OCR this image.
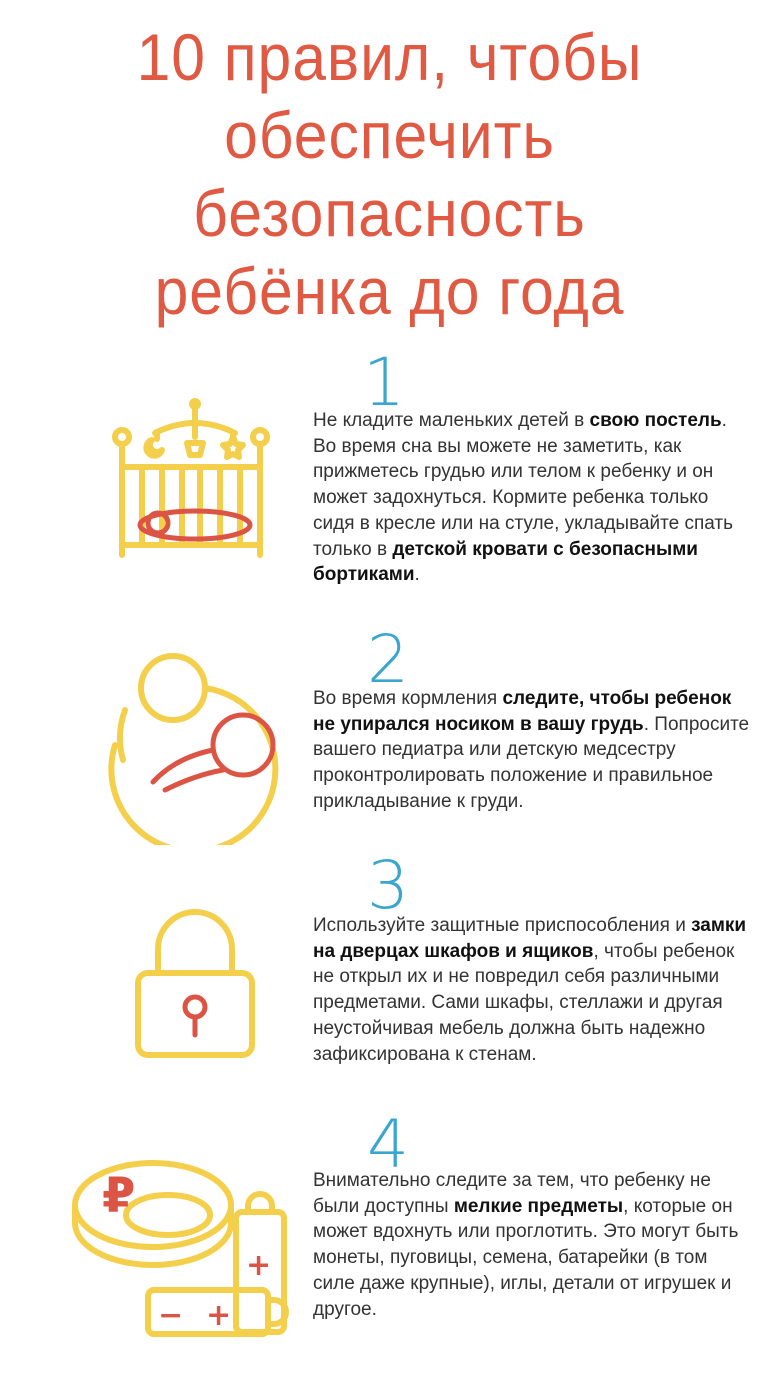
10 правил, чтобы
обеспечить
безопасность
ребёнка до года
1
Не кладите маленьких детей в свою постель. Во время сна вы можете не заметить, как прижметесь грудью или телом к ребенку и он может задохнуться. Кормите ребенка только сидя в кресле или на стуле, укладывайте спать только в детской кровати с безопасными бортиками.
2
Во время кормления следите, чтобы ребенок не упирался носиком в вашу грудь. Попросите вашего педиатра или детскую медсестру проконтролировать положение и правильное прикладывание к груди.
3
Используйте защитные приспособления и замки на дверцах шкафов и ящиков, чтобы ребенок не открыл их и не повредил себя различными предметами. Сами шкафы, стеллажи и другая неустойчивая мебель должна быть надежно зафиксирована к стенам.
4
₽
+
− +
Внимательно следите за тем, что ребенку не были доступны мелкие предметы, которые он может вдохнуть или проглотить. Это могут быть монеты, пуговицы, семена, батарейки (в том силе даже крупные), иглы, детали от игрушек и другое.
